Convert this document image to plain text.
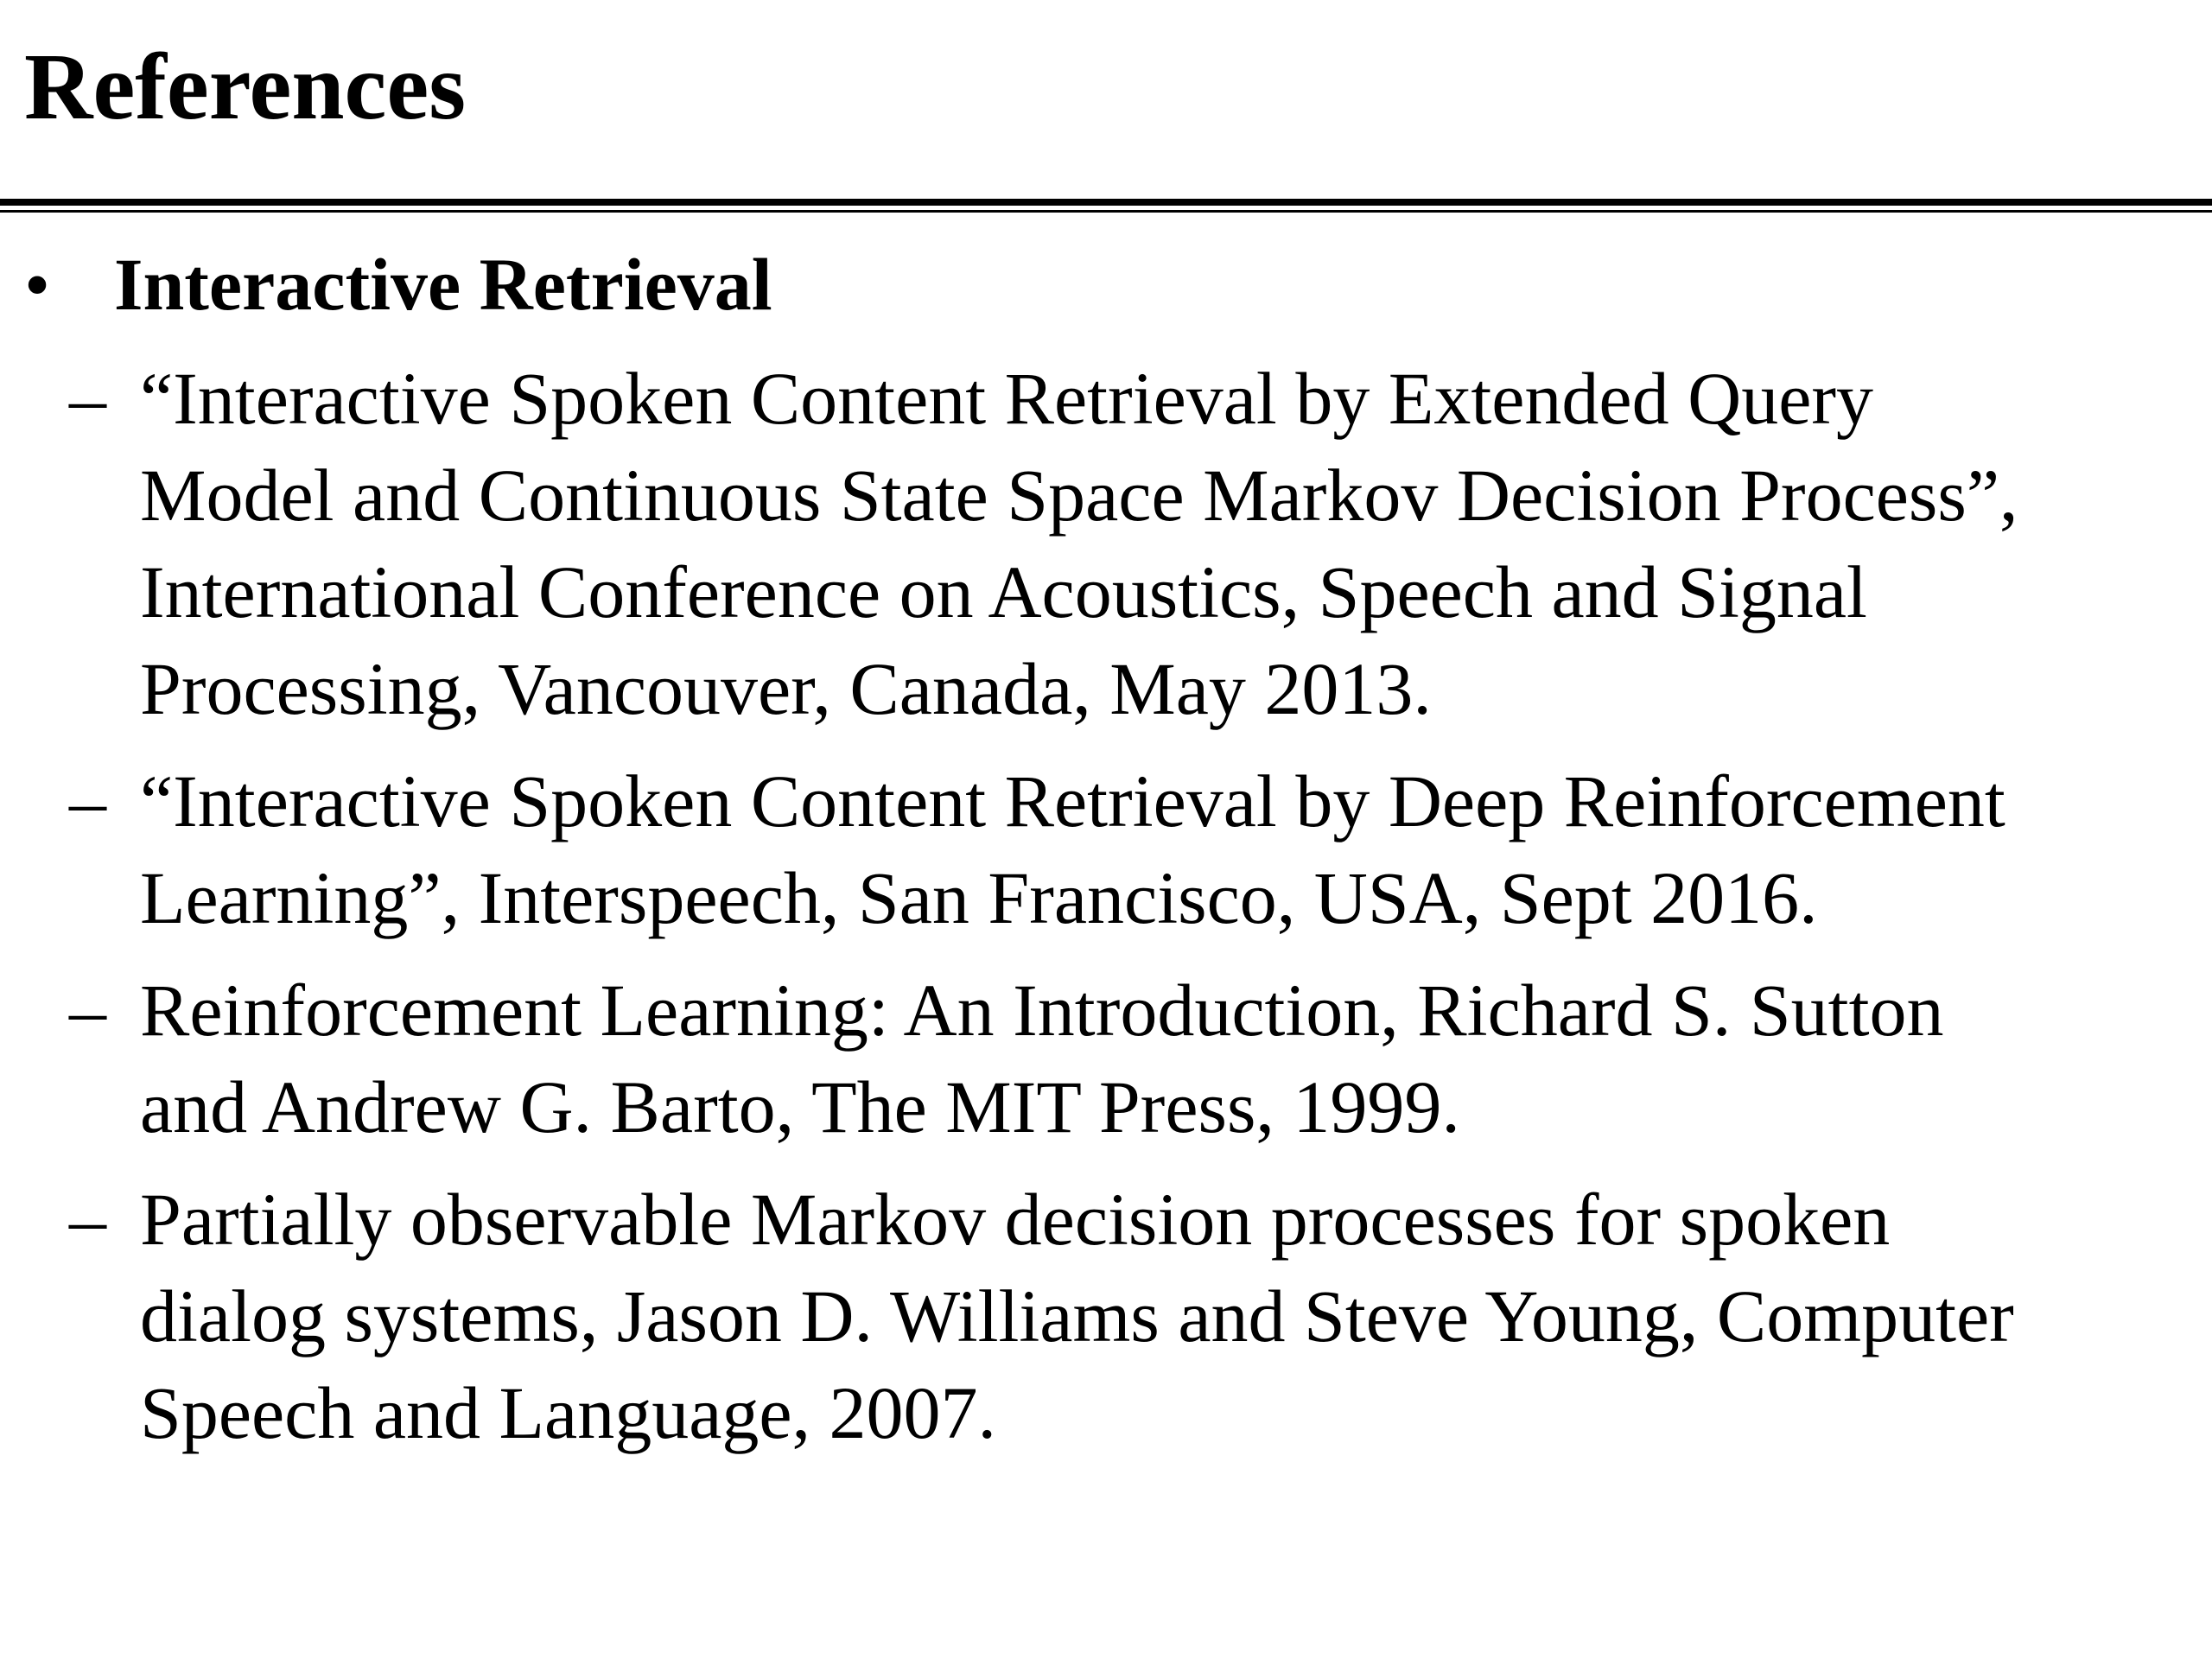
References
• Interactive Retrieval
– “Interactive Spoken Content Retrieval by Extended Query
Model and Continuous State Space Markov Decision Process”,
International Conference on Acoustics, Speech and Signal
Processing, Vancouver, Canada, May 2013.
– “Interactive Spoken Content Retrieval by Deep Reinforcement
Learning”, Interspeech, San Francisco, USA, Sept 2016.
– Reinforcement Learning: An Introduction, Richard S. Sutton
and Andrew G. Barto, The MIT Press, 1999.
– Partially observable Markov decision processes for spoken
dialog systems, Jason D. Williams and Steve Young, Computer
Speech and Language, 2007.
